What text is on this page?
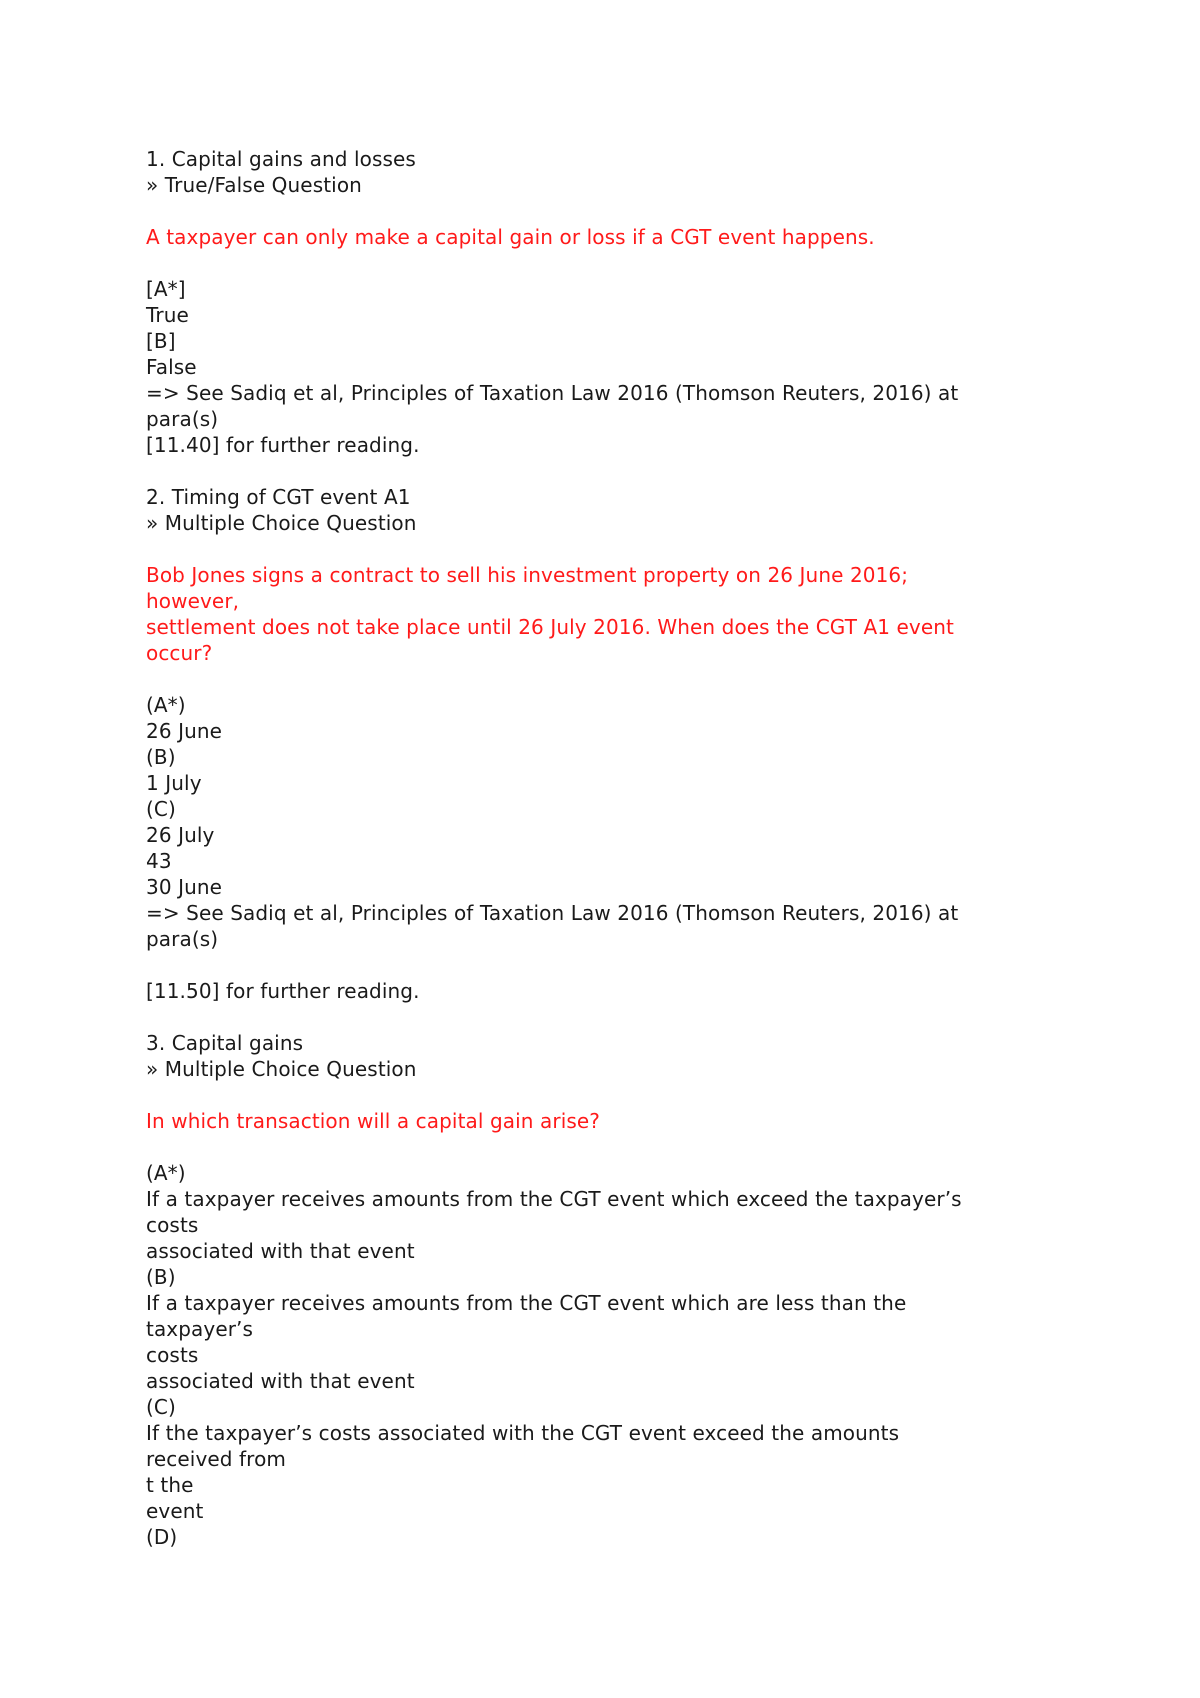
1. Capital gains and losses
» True/False Question
A taxpayer can only make a capital gain or loss if a CGT event happens.
[A*]
True
[B]
False
=> See Sadiq et al, Principles of Taxation Law 2016 (Thomson Reuters, 2016) at
para(s)
[11.40] for further reading.
2. Timing of CGT event A1
» Multiple Choice Question
Bob Jones signs a contract to sell his investment property on 26 June 2016;
however,
settlement does not take place until 26 July 2016. When does the CGT A1 event
occur?
(A*)
26 June
(B)
1 July
(C)
26 July
43
30 June
=> See Sadiq et al, Principles of Taxation Law 2016 (Thomson Reuters, 2016) at
para(s)
[11.50] for further reading.
3. Capital gains
» Multiple Choice Question
In which transaction will a capital gain arise?
(A*)
If a taxpayer receives amounts from the CGT event which exceed the taxpayer’s
costs
associated with that event
(B)
If a taxpayer receives amounts from the CGT event which are less than the
taxpayer’s
costs
associated with that event
(C)
If the taxpayer’s costs associated with the CGT event exceed the amounts
received from
t the
event
(D)
